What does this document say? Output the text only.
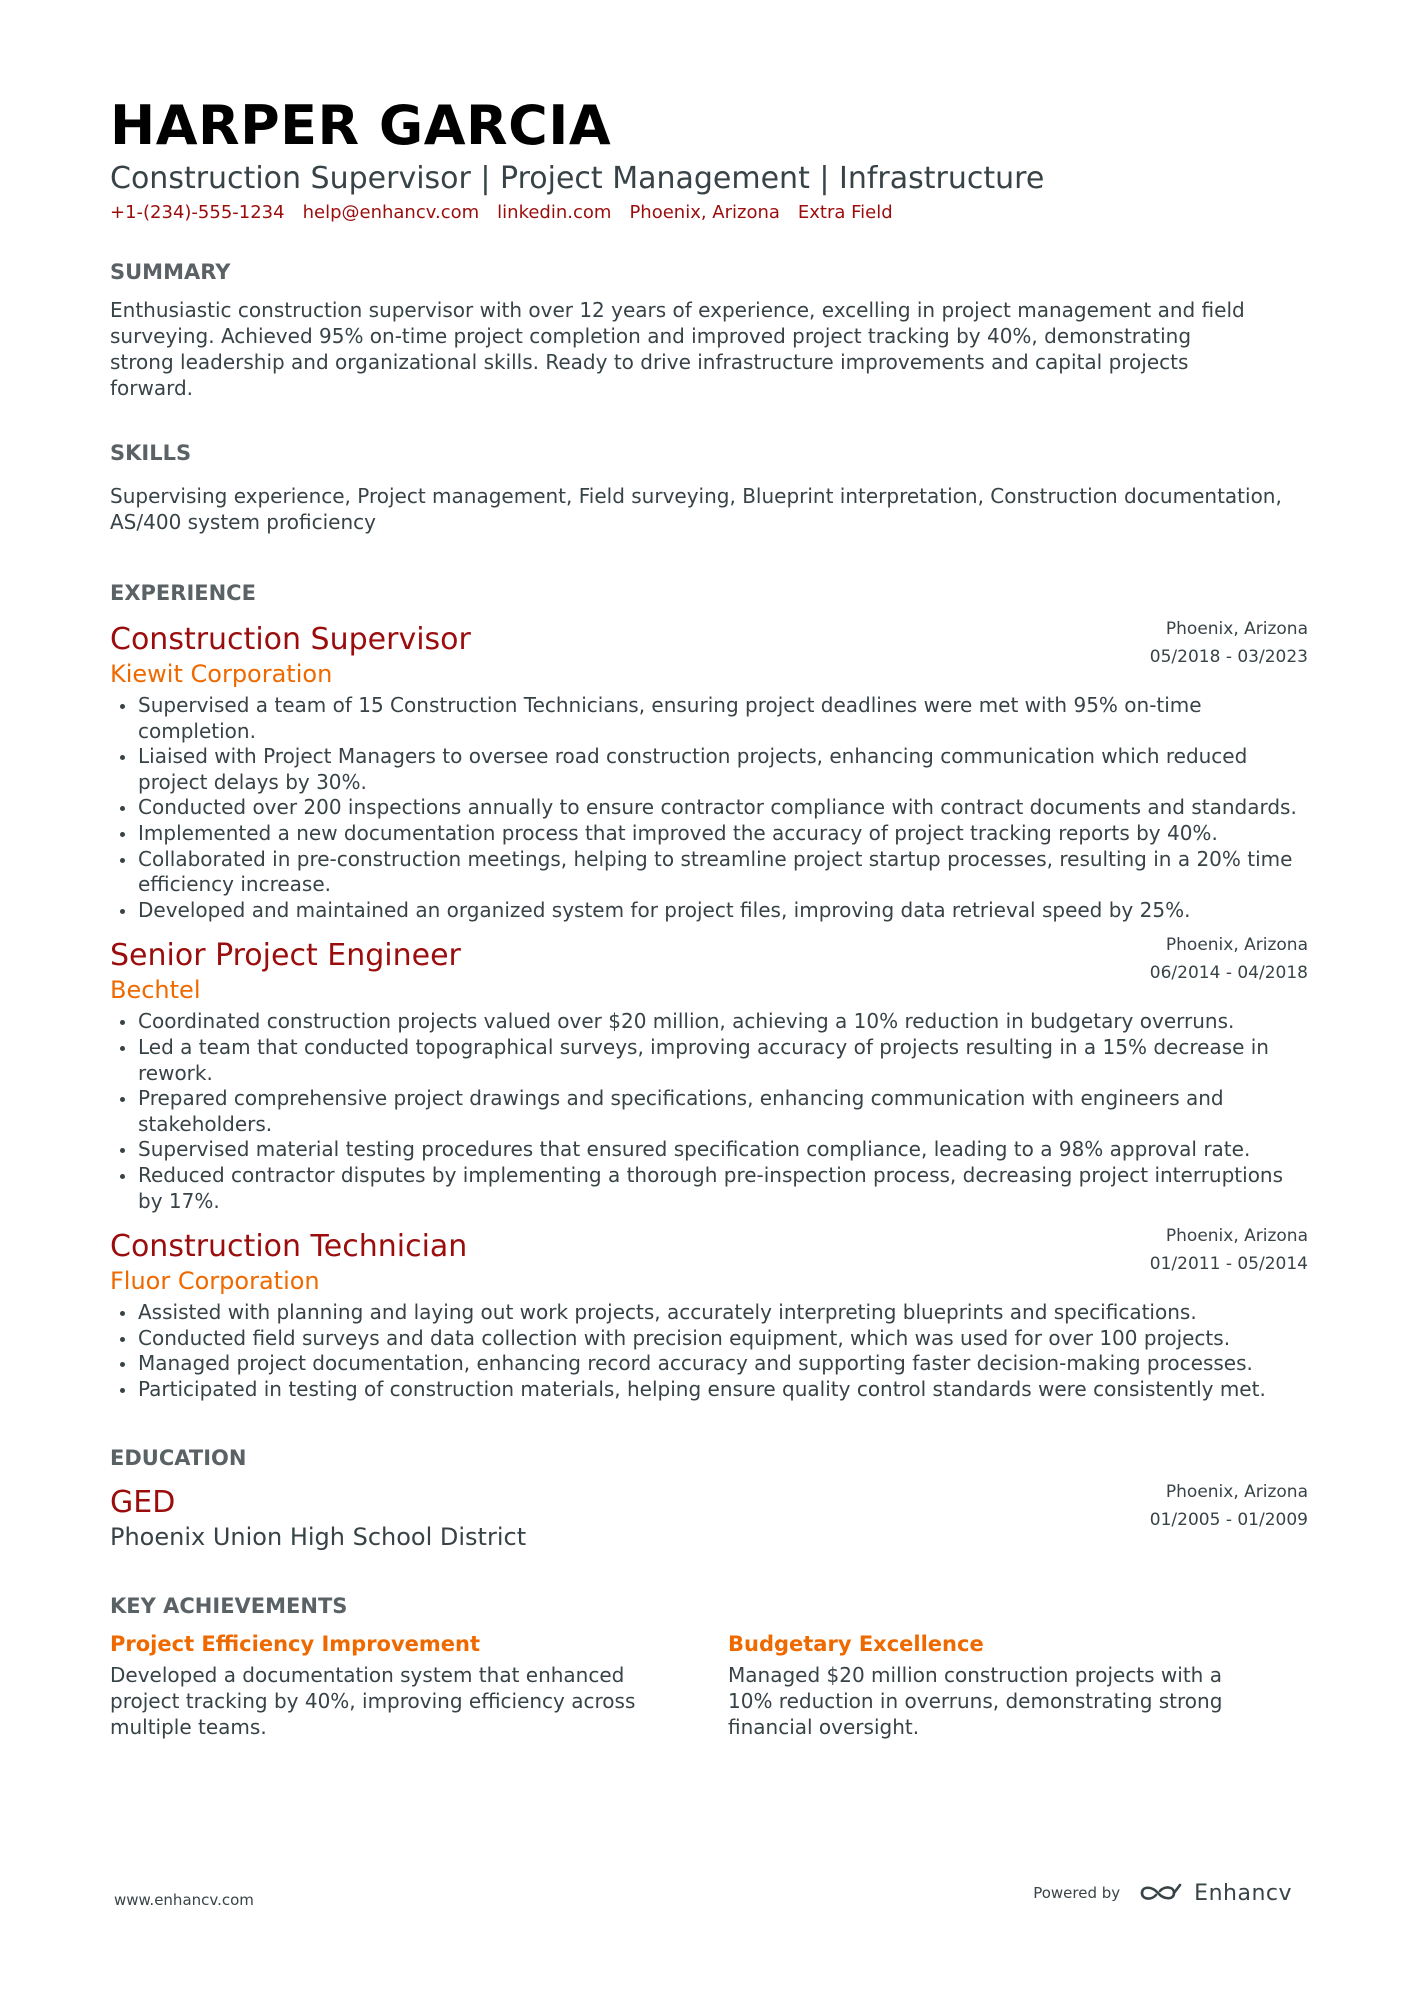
HARPER GARCIA
Construction Supervisor | Project Management | Infrastructure
+1-(234)-555-1234 help@enhancv.com linkedin.com Phoenix, Arizona Extra Field
SUMMARY
Enthusiastic construction supervisor with over 12 years of experience, excelling in project management and field surveying. Achieved 95% on-time project completion and improved project tracking by 40%, demonstrating strong leadership and organizational skills. Ready to drive infrastructure improvements and capital projects forward.
SKILLS
Supervising experience, Project management, Field surveying, Blueprint interpretation, Construction documentation, AS/400 system proficiency
EXPERIENCE
Phoenix, Arizona
05/2018 - 03/2023
Construction Supervisor
Kiewit Corporation
Supervised a team of 15 Construction Technicians, ensuring project deadlines were met with 95% on-time completion.
Liaised with Project Managers to oversee road construction projects, enhancing communication which reduced project delays by 30%.
Conducted over 200 inspections annually to ensure contractor compliance with contract documents and standards.
Implemented a new documentation process that improved the accuracy of project tracking reports by 40%.
Collaborated in pre-construction meetings, helping to streamline project startup processes, resulting in a 20% time efficiency increase.
Developed and maintained an organized system for project files, improving data retrieval speed by 25%.
Phoenix, Arizona
06/2014 - 04/2018
Senior Project Engineer
Bechtel
Coordinated construction projects valued over $20 million, achieving a 10% reduction in budgetary overruns.
Led a team that conducted topographical surveys, improving accuracy of projects resulting in a 15% decrease in rework.
Prepared comprehensive project drawings and specifications, enhancing communication with engineers and stakeholders.
Supervised material testing procedures that ensured specification compliance, leading to a 98% approval rate.
Reduced contractor disputes by implementing a thorough pre-inspection process, decreasing project interruptions by 17%.
Phoenix, Arizona
01/2011 - 05/2014
Construction Technician
Fluor Corporation
Assisted with planning and laying out work projects, accurately interpreting blueprints and specifications.
Conducted field surveys and data collection with precision equipment, which was used for over 100 projects.
Managed project documentation, enhancing record accuracy and supporting faster decision-making processes.
Participated in testing of construction materials, helping ensure quality control standards were consistently met.
EDUCATION
Phoenix, Arizona
01/2005 - 01/2009
GED
Phoenix Union High School District
KEY ACHIEVEMENTS
Project Efficiency Improvement
Developed a documentation system that enhanced project tracking by 40%, improving efficiency across multiple teams.
Budgetary Excellence
Managed $20 million construction projects with a 10% reduction in overruns, demonstrating strong financial oversight.
www.enhancv.com	Powered by	Enhancv
